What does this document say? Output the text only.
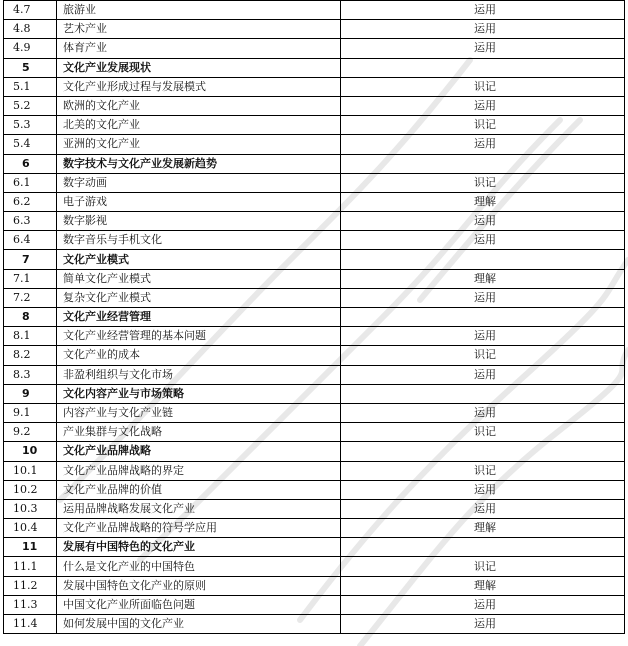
4.7	旅游业	运用
4.8	艺术产业	运用
4.9	体育产业	运用
5	文化产业发展现状	
5.1	文化产业形成过程与发展模式	识记
5.2	欧洲的文化产业	运用
5.3	北美的文化产业	识记
5.4	亚洲的文化产业	运用
6	数字技术与文化产业发展新趋势	
6.1	数字动画	识记
6.2	电子游戏	理解
6.3	数字影视	运用
6.4	数字音乐与手机文化	运用
7	文化产业模式	
7.1	简单文化产业模式	理解
7.2	复杂文化产业模式	运用
8	文化产业经营管理	
8.1	文化产业经营管理的基本问题	运用
8.2	文化产业的成本	识记
8.3	非盈利组织与文化市场	运用
9	文化内容产业与市场策略	
9.1	内容产业与文化产业链	运用
9.2	产业集群与文化战略	识记
10	文化产业品牌战略	
10.1	文化产业品牌战略的界定	识记
10.2	文化产业品牌的价值	运用
10.3	运用品牌战略发展文化产业	运用
10.4	文化产业品牌战略的符号学应用	理解
11	发展有中国特色的文化产业	
11.1	什么是文化产业的中国特色	识记
11.2	发展中国特色文化产业的原则	理解
11.3	中国文化产业所面临色问题	运用
11.4	如何发展中国的文化产业	运用
